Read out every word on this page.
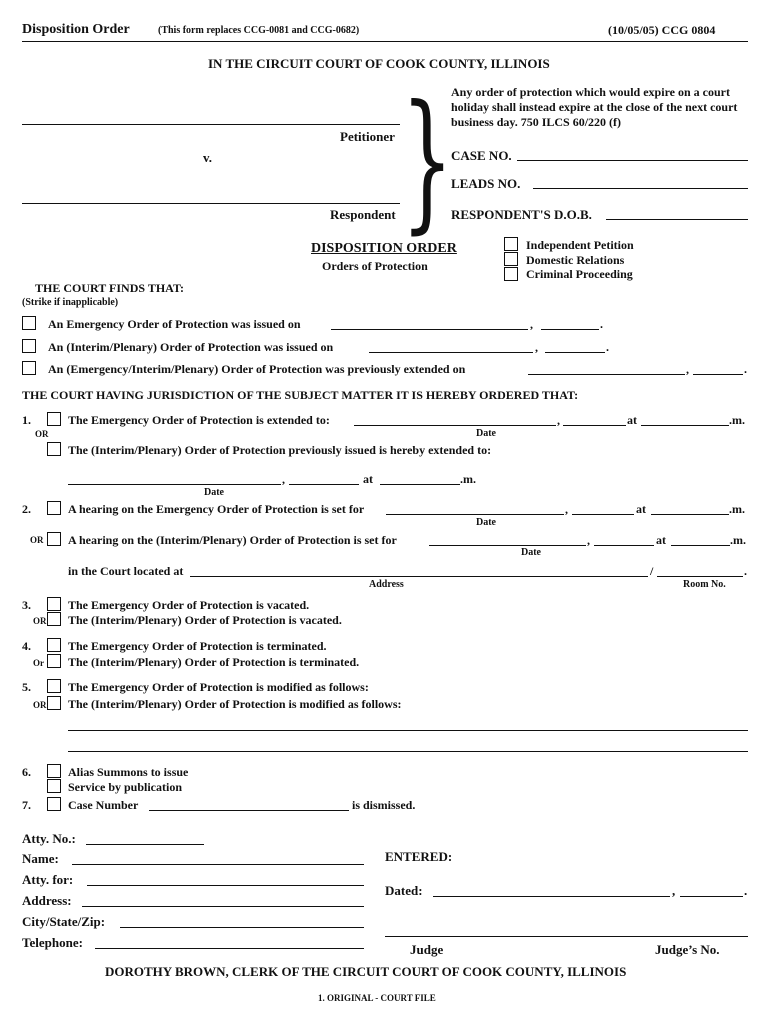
Disposition Order	(This form replaces CCG-0081 and CCG-0682)	(10/05/05) CCG 0804
IN THE CIRCUIT COURT OF COOK COUNTY, ILLINOIS
Petitioner
v.
Respondent }
Any order of protection which would expire on a court
holiday shall instead expire at the close of the next court
business day. 750 ILCS 60/220 (f)
CASE NO.
LEADS NO.
RESPONDENT'S D.O.B.
DISPOSITION ORDER
Orders of Protection
Independent Petition
Domestic Relations
Criminal Proceeding
THE COURT FINDS THAT:
(Strike if inapplicable)
An Emergency Order of Protection was issued on	,	.
An (Interim/Plenary) Order of Protection was issued on	,	.
An (Emergency/Interim/Plenary) Order of Protection was previously extended on	,	.
THE COURT HAVING JURISDICTION OF THE SUBJECT MATTER IT IS HEREBY ORDERED THAT:
1.	The Emergency Order of Protection is extended to:	,	at	.m.
OR	Date
The (Interim/Plenary) Order of Protection previously issued is hereby extended to:
,	at	.m.
Date
2.	A hearing on the Emergency Order of Protection is set for	,	at	.m.
Date
OR A hearing on the (Interim/Plenary) Order of Protection is set for	,	at	.m.
Date
in the Court located at	/	.
Address	Room No.
3.	The Emergency Order of Protection is vacated.
OR The (Interim/Plenary) Order of Protection is vacated.
4.	The Emergency Order of Protection is terminated.
Or The (Interim/Plenary) Order of Protection is terminated.
5.	The Emergency Order of Protection is modified as follows:
OR The (Interim/Plenary) Order of Protection is modified as follows:
6.	Alias Summons to issue
Service by publication
7.	Case Number	is dismissed.
Atty. No.:
Name:
Atty. for:
Address:
City/State/Zip:
Telephone:
ENTERED:
Dated:	,	.
Judge	Judge’s No.
DOROTHY BROWN, CLERK OF THE CIRCUIT COURT OF COOK COUNTY, ILLINOIS
1. ORIGINAL - COURT FILE
